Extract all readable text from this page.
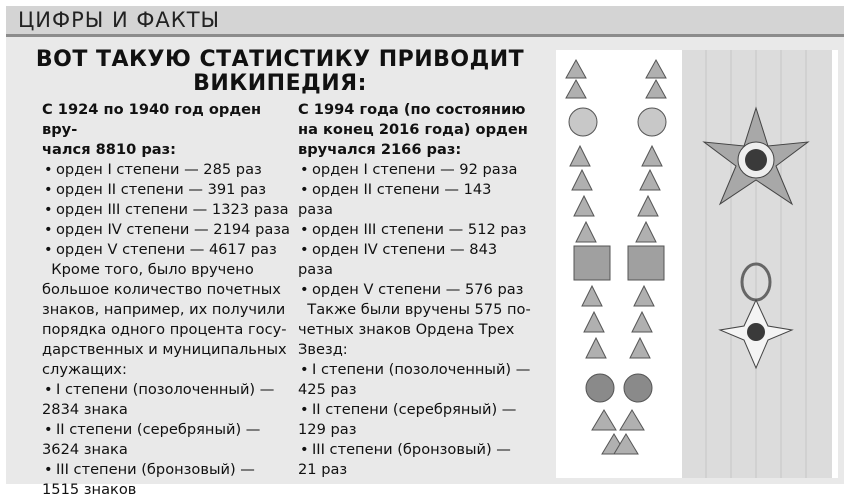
ЦИФРЫ И ФАКТЫ
ВОТ ТАКУЮ СТАТИСТИКУ ПРИВОДИТ
ВИКИПЕДИЯ:
С 1924 по 1940 год орден вру-
чался 8810 раз:
• орден I степени — 285 раз
• орден II степени — 391 раз
• орден III степени — 1323 раза
• орден IV степени — 2194 раза
• орден V степени — 4617 раз
Кроме того, было вручено
большое количество почетных
знаков, например, их получили
порядка одного процента госу-
дарственных и муниципальных
служащих:
• I степени (позолоченный) —
2834 знака
• II степени (серебряный) —
3624 знака
• III степени (бронзовый) —
1515 знаков
С 1994 года (по состоянию
на конец 2016 года) орден
вручался 2166 раз:
• орден I степени — 92 раза
• орден II степени — 143
раза
• орден III степени — 512 раз
• орден IV степени — 843
раза
• орден V степени — 576 раз
Также были вручены 575 по-
четных знаков Ордена Трех
Звезд:
• I степени (позолоченный) —
425 раз
• II степени (серебряный) —
129 раз
• III степени (бронзовый) —
21 раз
